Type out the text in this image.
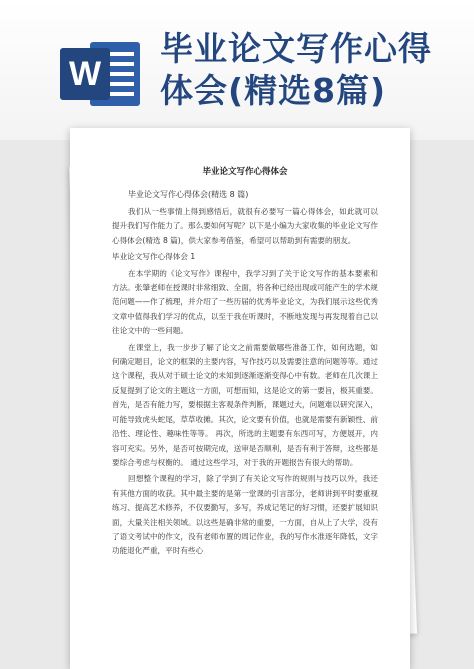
W
毕业论文写作心得体会(精选8篇)
毕业论文写作心得体会
毕业论文写作心得体会(精选 8 篇)

我们从一些事情上得到感悟后，就很有必要写一篇心得体会，如此就可以提升我们写作能力了。那么要如何写呢？以下是小编为大家收集的毕业论文写作心得体会(精选 8 篇)，供大家参考借鉴，希望可以帮助到有需要的朋友。

毕业论文写作心得体会 1

在本学期的《论文写作》课程中，我学习到了关于论文写作的基本要素和方法。张肇老师在授课时非常细致、全面，将各种已经出现或可能产生的学术规范问题——作了梳理，并介绍了一些历届的优秀毕业论文，为我们展示这些优秀文章中值得我们学习的优点，以至于我在听课时，不断地发现与再发现着自己以往论文中的一些问题。

在课堂上，我一步步了解了论文之前需要做哪些准备工作，如何选题，如何确定题目，论文的框架的主要内容，写作技巧以及需要注意的问题等等。通过这个课程，我从对于硕士论文的未知到逐渐逐渐变得心中有数。老师在几次课上反复提到了论文的主题这一方面，可想而知，这是论文的第一要旨，极其重要。 首先，是否有能力写，要根据主客观条件判断，课题过大，问题难以研究深入，可能导致虎头蛇尾，草草收摊。其次，论文要有价值，也就是需要有新颖性、前沿性、理论性、趣味性等等。 再次，所选的主题要有东西可写，方便展开，内容可充实。另外，是否可按期完成，送审是否顺利，是否有利于答辩，这些都是要综合考虑与权衡的。 通过这些学习，对于我的开题报告有很大的帮助。

回想整个课程的学习，除了学到了有关论文写作的规则与技巧以外，我还有其他方面的收获。其中最主要的是第一堂课的引言部分，老师讲到平时要重视练习、提高艺术修养，不仅要勤写，多写，养成记笔记的好习惯，还要扩展知识面，大量关注相关领域。以这些是确非常的重要，一方面，自从上了大学，没有了语文考试中的作文，没有老师布置的周记作业，我的写作水准逐年降低，文字功能退化严重，平时有些心
